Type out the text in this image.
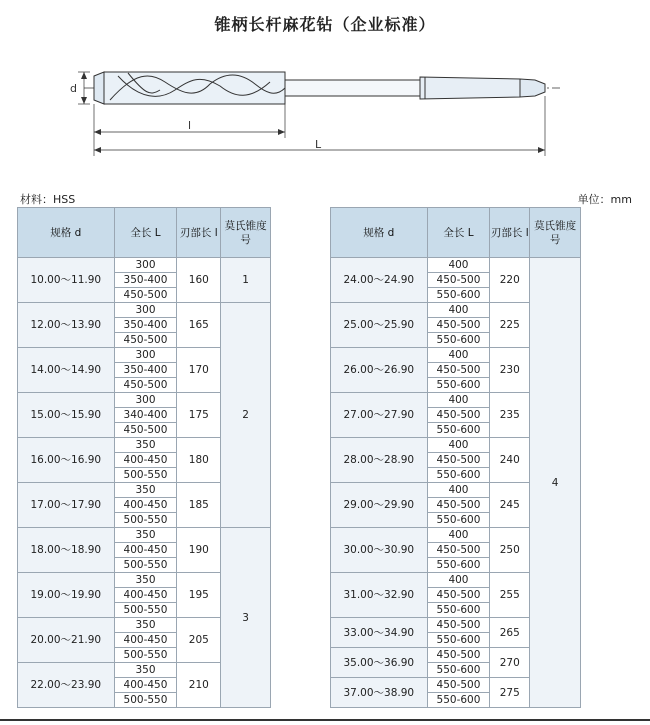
锥柄长杆麻花钻（企业标准）
d
l
L
材料：HSS	单位：mm
规格 d	全长 L	刃部长 l	莫氏锥度号
10.00～11.90	300	160	1
	350-400		
	450-500		
12.00～13.90	300	165	2
	350-400		
	450-500		
14.00～14.90	300	170	
	350-400		
	450-500		
15.00～15.90	300	175	
	340-400		
	450-500		
16.00～16.90	350	180	
	400-450		
	500-550		
17.00～17.90	350	185	
	400-450		
	500-550		
18.00～18.90	350	190	3
	400-450		
	500-550		
19.00～19.90	350	195	
	400-450		
	500-550		
20.00～21.90	350	205	
	400-450		
	500-550		
22.00～23.90	350	210	
	400-450		
	500-550		
规格 d	全长 L	刃部长 l	莫氏锥度号
24.00～24.90	400	220	4
	450-500		
	550-600		
25.00～25.90	400	225	
	450-500		
	550-600		
26.00～26.90	400	230	
	450-500		
	550-600		
27.00～27.90	400	235	
	450-500		
	550-600		
28.00～28.90	400	240	
	450-500		
	550-600		
29.00～29.90	400	245	
	450-500		
	550-600		
30.00～30.90	400	250	
	450-500		
	550-600		
31.00～32.90	400	255	
	450-500		
	550-600		
33.00～34.90	450-500	265	
	550-600		
35.00～36.90	450-500	270	
	550-600		
37.00～38.90	450-500	275	
	550-600		
